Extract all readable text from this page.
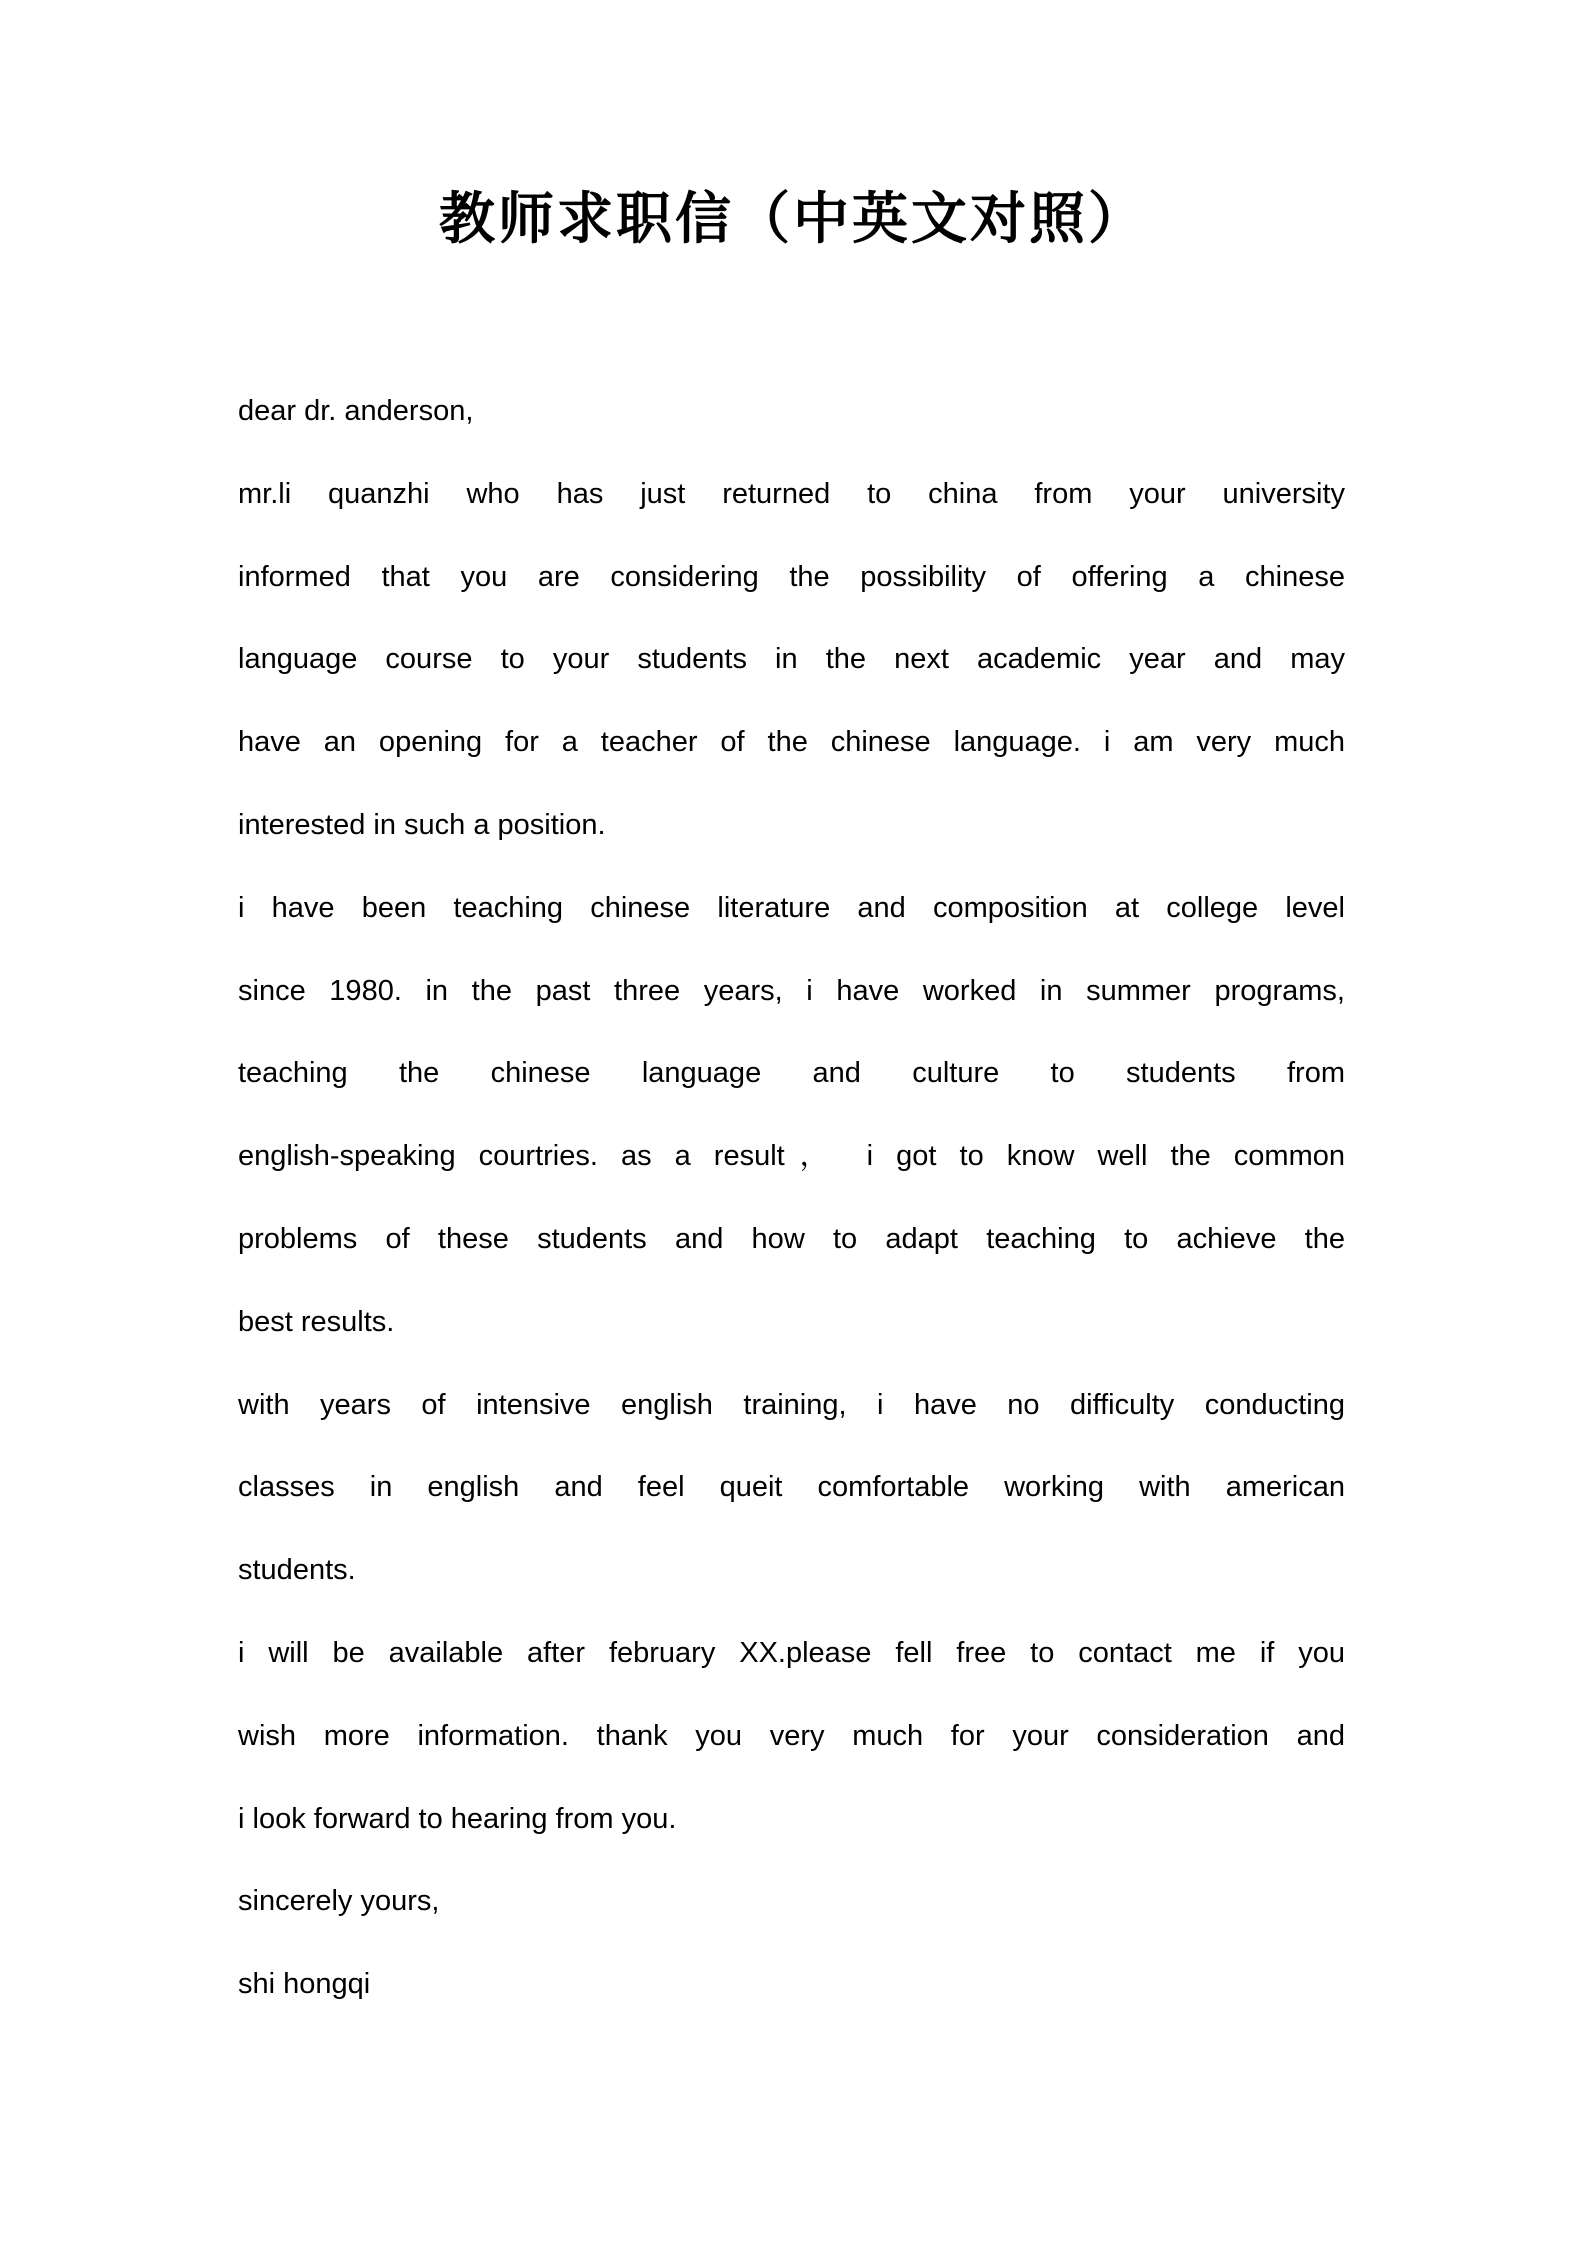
教师求职信（中英文对照）
dear dr. anderson,
mr.li quanzhi who has just returned to china from your university
informed that you are considering the possibility of offering a chinese
language course to your students in the next academic year and may
have an opening for a teacher of the chinese language. i am very much
interested in such a position.
i have been teaching chinese literature and composition at college level
since 1980. in the past three years, i have worked in summer programs,
teaching the chinese language and culture to students from
english-speaking courtries. as a result， i got to know well the common
problems of these students and how to adapt teaching to achieve the
best results.
with years of intensive english training, i have no difficulty conducting
classes in english and feel queit comfortable working with american
students.
i will be available after february XX.please fell free to contact me if you
wish more information. thank you very much for your consideration and
i look forward to hearing from you.
sincerely yours,
shi hongqi
